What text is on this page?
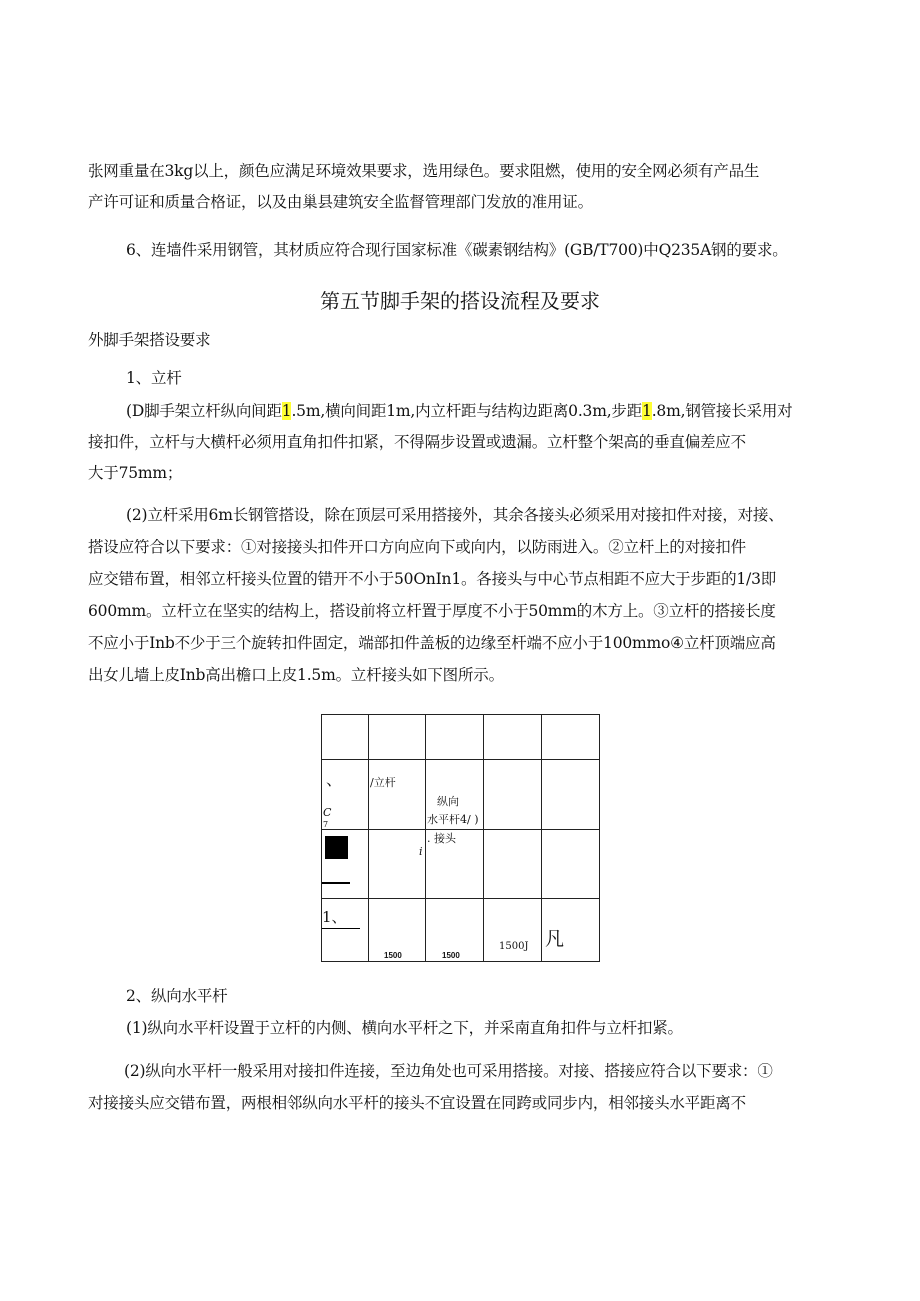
张网重量在3kg以上，颜色应满足环境效果要求，选用绿色。要求阻燃，使用的安全网必须有产品生
产许可证和质量合格证，以及由巢县建筑安全监督管理部门发放的准用证。
6、连墙件采用钢管，其材质应符合现行国家标准《碳素钢结构》(GB/T700)中Q235A钢的要求。
第五节脚手架的搭设流程及要求
外脚手架搭设要求
1、立杆
(D脚手架立杆纵向间距1.5m,横向间距1m,内立杆距与结构边距离0.3m,步距1.8m,钢管接长采用对
接扣件，立杆与大横杆必须用直角扣件扣紧，不得隔步设置或遗漏。立杆整个架高的垂直偏差应不
大于75mm；
(2)立杆采用6m长钢管搭设，除在顶层可采用搭接外，其余各接头必须采用对接扣件对接，对接、
搭设应符合以下要求：①对接接头扣件开口方向应向下或向内，以防雨进入。②立杆上的对接扣件
应交错布置，相邻立杆接头位置的错开不小于50OnIn1。各接头与中心节点相距不应大于步距的1/3即
600mm。立杆立在坚实的结构上，搭设前将立杆置于厚度不小于50mm的木方上。③立杆的搭接长度
不应小于Inb不少于三个旋转扣件固定，端部扣件盖板的边缘至杆端不应小于100mmo④立杆顶端应高
出女儿墙上皮Inb高出檐口上皮1.5m。立杆接头如下图所示。
、	/立杆
纵向
水平杆4/ )
C
7
. 接头
i
1、
1500	1500
1500J 凡
2、纵向水平杆
(1)纵向水平杆设置于立杆的内侧、横向水平杆之下，并采南直角扣件与立杆扣紧。
(2)纵向水平杆一般采用对接扣件连接，至边角处也可采用搭接。对接、搭接应符合以下要求：①
对接接头应交错布置，两根相邻纵向水平杆的接头不宜设置在同跨或同步内，相邻接头水平距离不
